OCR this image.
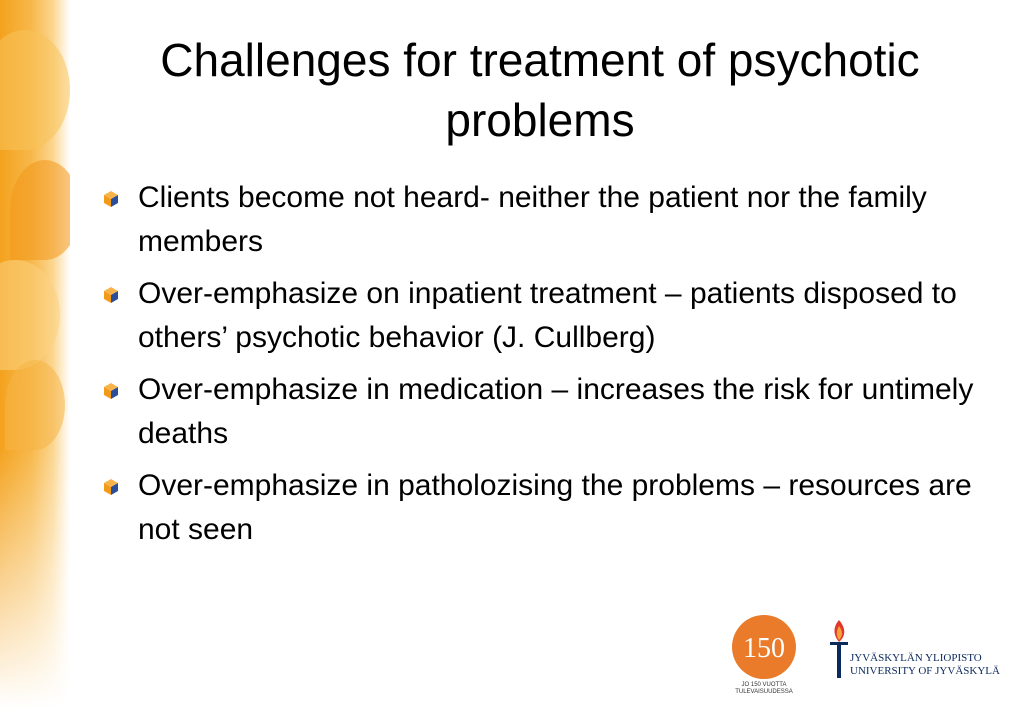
Challenges for treatment of psychotic problems
Clients become not heard- neither the patient nor the family members
Over-emphasize on inpatient treatment – patients disposed to others’ psychotic behavior (J. Cullberg)
Over-emphasize in medication – increases the risk for untimely deaths
Over-emphasize in patholozising the problems – resources are not seen
150
JO 150 VUOTTA
TULEVAISUUDESSA
JYVÄSKYLÄN YLIOPISTO
UNIVERSITY OF JYVÄSKYLÄ
